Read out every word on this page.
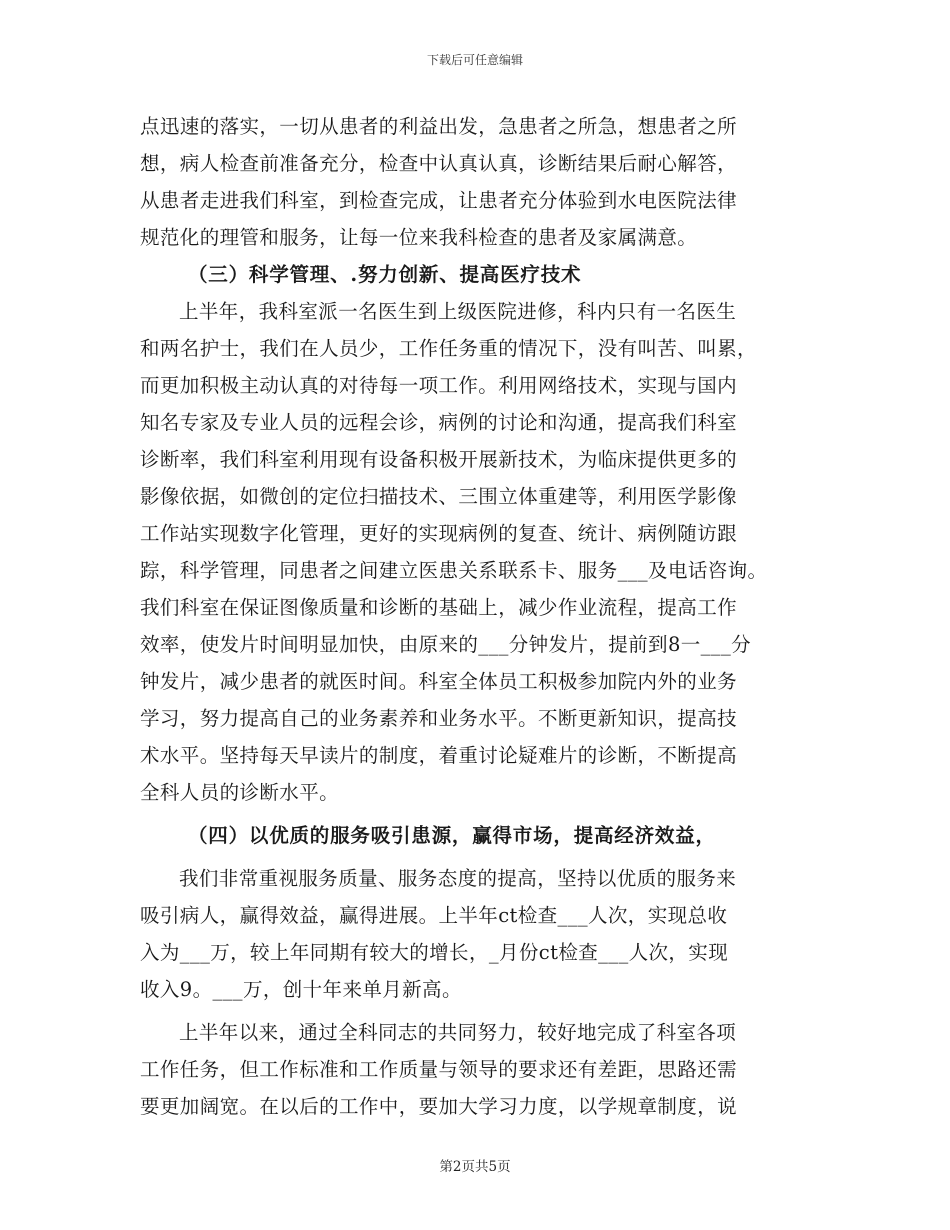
下载后可任意编辑
点迅速的落实，一切从患者的利益出发，急患者之所急，想患者之所
想，病人检查前准备充分，检查中认真认真，诊断结果后耐心解答，
从患者走进我们科室，到检查完成，让患者充分体验到水电医院法律
规范化的理管和服务，让每一位来我科检查的患者及家属满意。
（三）科学管理、.努力创新、提高医疗技术
上半年，我科室派一名医生到上级医院进修，科内只有一名医生
和两名护士，我们在人员少，工作任务重的情况下，没有叫苦、叫累，
而更加积极主动认真的对待每一项工作。利用网络技术，实现与国内
知名专家及专业人员的远程会诊，病例的讨论和沟通，提高我们科室
诊断率，我们科室利用现有设备积极开展新技术，为临床提供更多的
影像依据，如微创的定位扫描技术、三围立体重建等，利用医学影像
工作站实现数字化管理，更好的实现病例的复查、统计、病例随访跟
踪，科学管理，同患者之间建立医患关系联系卡、服务___及电话咨询。
我们科室在保证图像质量和诊断的基础上，减少作业流程，提高工作
效率，使发片时间明显加快，由原来的___分钟发片，提前到8一___分
钟发片，减少患者的就医时间。科室全体员工积极参加院内外的业务
学习，努力提高自己的业务素养和业务水平。不断更新知识，提高技
术水平。坚持每天早读片的制度，着重讨论疑难片的诊断，不断提高
全科人员的诊断水平。
（四）以优质的服务吸引患源，赢得市场，提高经济效益，
我们非常重视服务质量、服务态度的提高，坚持以优质的服务来
吸引病人，赢得效益，赢得进展。上半年ct检查___人次，实现总收
入为___万，较上年同期有较大的增长，_月份ct检查___人次，实现
收入9。___万，创十年来单月新高。
上半年以来，通过全科同志的共同努力，较好地完成了科室各项
工作任务，但工作标准和工作质量与领导的要求还有差距，思路还需
要更加阔宽。在以后的工作中，要加大学习力度，以学规章制度，说
第2页共5页
